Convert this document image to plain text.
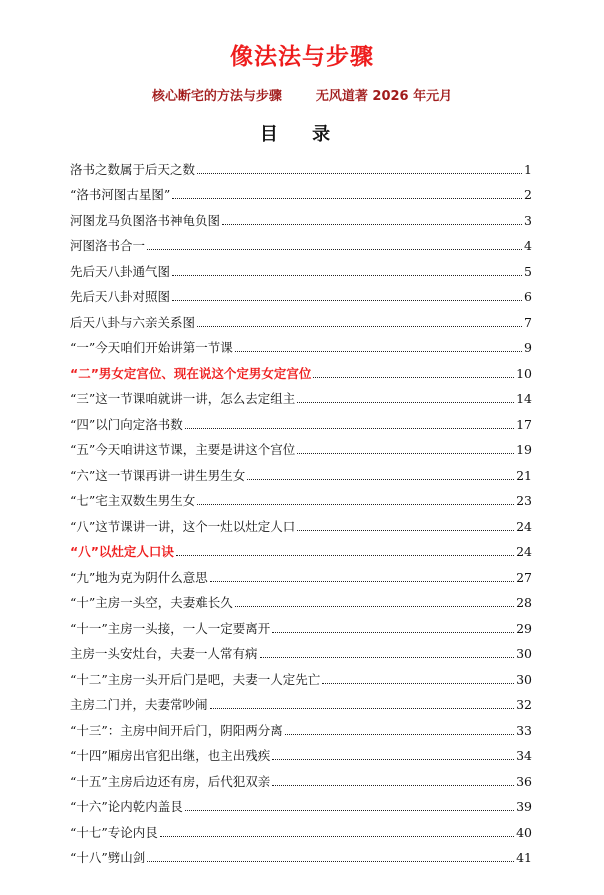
像法法与步骤
核心断宅的方法与步骤	无风道著 2026 年元月
目 录
洛书之数属于后天之数	1
“洛书河图古星图”	2
河图龙马负图洛书神龟负图	3
河图洛书合一	4
先后天八卦通气图	5
先后天八卦对照图	6
后天八卦与六亲关系图	7
“一”今天咱们开始讲第一节课	9
“二”男女定宫位、现在说这个定男女定宫位	10
“三”这一节课咱就讲一讲，怎么去定组主	14
“四”以门向定洛书数	17
“五”今天咱讲这节课，主要是讲这个宫位	19
“六”这一节课再讲一讲生男生女	21
“七”宅主双数生男生女	23
“八”这节课讲一讲，这个一灶以灶定人口	24
“八”以灶定人口诀	24
“九”地为克为阴什么意思	27
“十”主房一头空，夫妻难长久	28
“十一”主房一头接，一人一定要离开	29
主房一头安灶台，夫妻一人常有病	30
“十二”主房一头开后门是吧，夫妻一人定先亡	30
主房二门并，夫妻常吵闹	32
“十三”：主房中间开后门，阴阳两分离	33
“十四”厢房出官犯出继，也主出残疾	34
“十五”主房后边还有房，后代犯双亲	36
“十六”论内乾内盖艮	39
“十七”专论内艮	40
“十八”劈山剑	41
